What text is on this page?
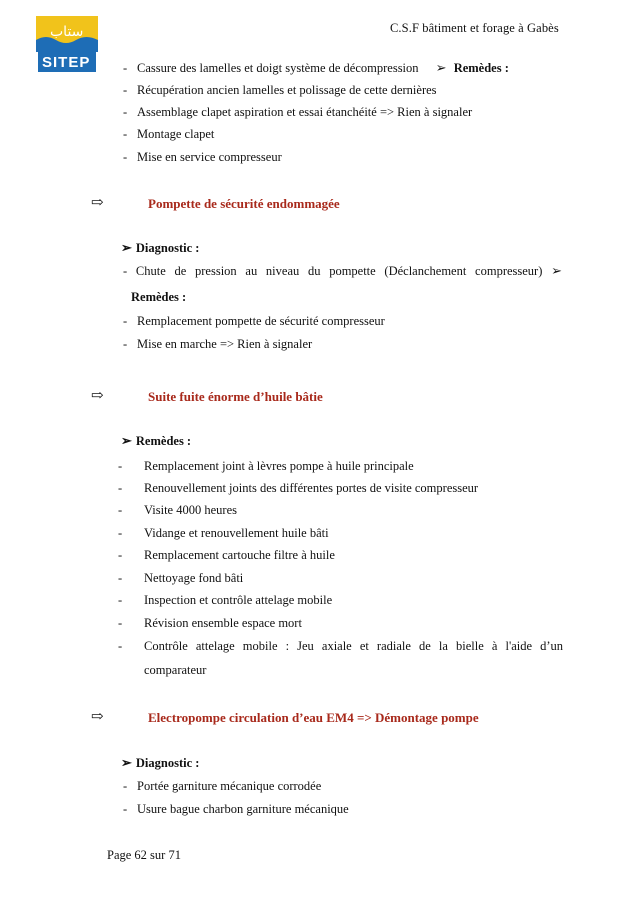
ستاب
SITEP
C.S.F bâtiment et forage à Gabès
- Cassure des lamelles et doigt système de décompression ➢ Remèdes :
- Récupération ancien lamelles et polissage de cette dernières
- Assemblage clapet aspiration et essai étanchéité => Rien à signaler
- Montage clapet
- Mise en service compresseur
⇨	Pompette de sécurité endommagée
➢ Diagnostic :
- Chute de pression au niveau du pompette (Déclanchement compresseur) ➢
Remèdes :
- Remplacement pompette de sécurité compresseur
- Mise en marche => Rien à signaler
⇨	Suite fuite énorme d’huile bâtie
➢ Remèdes :
- Remplacement joint à lèvres pompe à huile principale
- Renouvellement joints des différentes portes de visite compresseur
- Visite 4000 heures
- Vidange et renouvellement huile bâti
- Remplacement cartouche filtre à huile
- Nettoyage fond bâti
- Inspection et contrôle attelage mobile
- Révision ensemble espace mort
- Contrôle attelage mobile : Jeu axiale et radiale de la bielle à l'aide d’un
comparateur
⇨	Electropompe circulation d’eau EM4 => Démontage pompe
➢ Diagnostic :
- Portée garniture mécanique corrodée
- Usure bague charbon garniture mécanique
Page 62 sur 71
